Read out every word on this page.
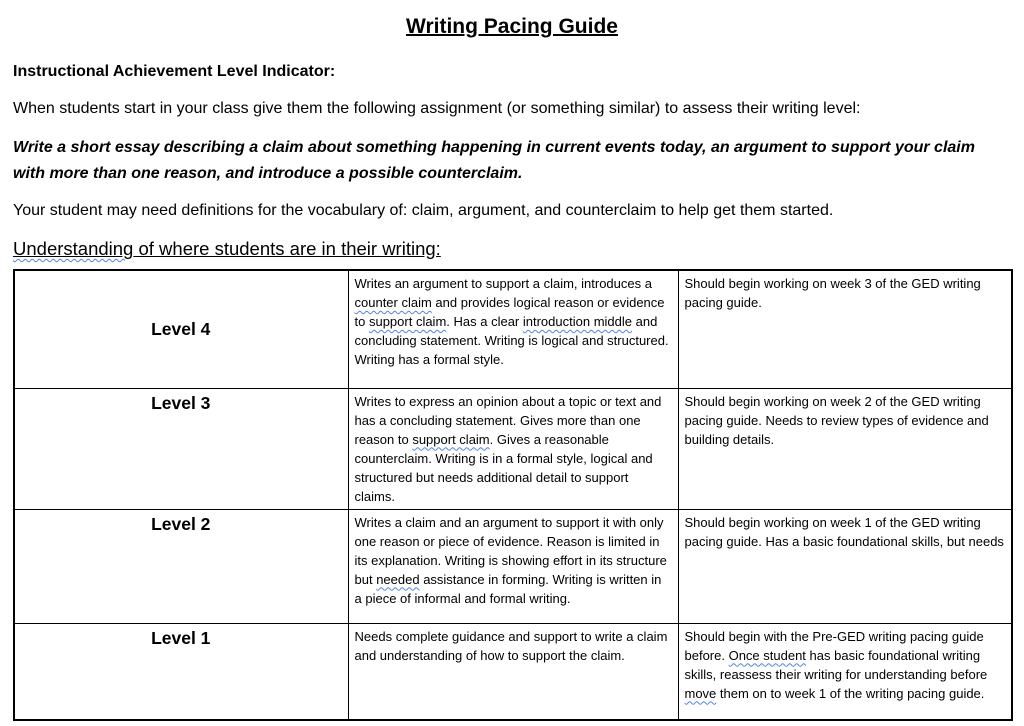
Writing Pacing Guide

Instructional Achievement Level Indicator:

When students start in your class give them the following assignment (or something similar) to assess their writing level:

Write a short essay describing a claim about something happening in current events today, an argument to support your claim with more than one reason, and introduce a possible counterclaim.

Your student may need definitions for the vocabulary of: claim, argument, and counterclaim to help get them started.

Understanding of where students are in their writing:
Level 4	Writes an argument to support a claim, introduces a counter claim and provides logical reason or evidence to support claim. Has a clear introduction middle and concluding statement. Writing is logical and structured. Writing has a formal style.	Should begin working on week 3 of the GED writing pacing guide.
Level 3	Writes to express an opinion about a topic or text and has a concluding statement. Gives more than one reason to support claim. Gives a reasonable counterclaim. Writing is in a formal style, logical and structured but needs additional detail to support claims.	Should begin working on week 2 of the GED writing pacing guide. Needs to review types of evidence and building details.
Level 2	Writes a claim and an argument to support it with only one reason or piece of evidence. Reason is limited in its explanation. Writing is showing effort in its structure but needed assistance in forming. Writing is written in a piece of informal and formal writing.	Should begin working on week 1 of the GED writing pacing guide. Has a basic foundational skills, but needs
Level 1	Needs complete guidance and support to write a claim and understanding of how to support the claim.	Should begin with the Pre-GED writing pacing guide before. Once student has basic foundational writing skills, reassess their writing for understanding before move them on to week 1 of the writing pacing guide.
